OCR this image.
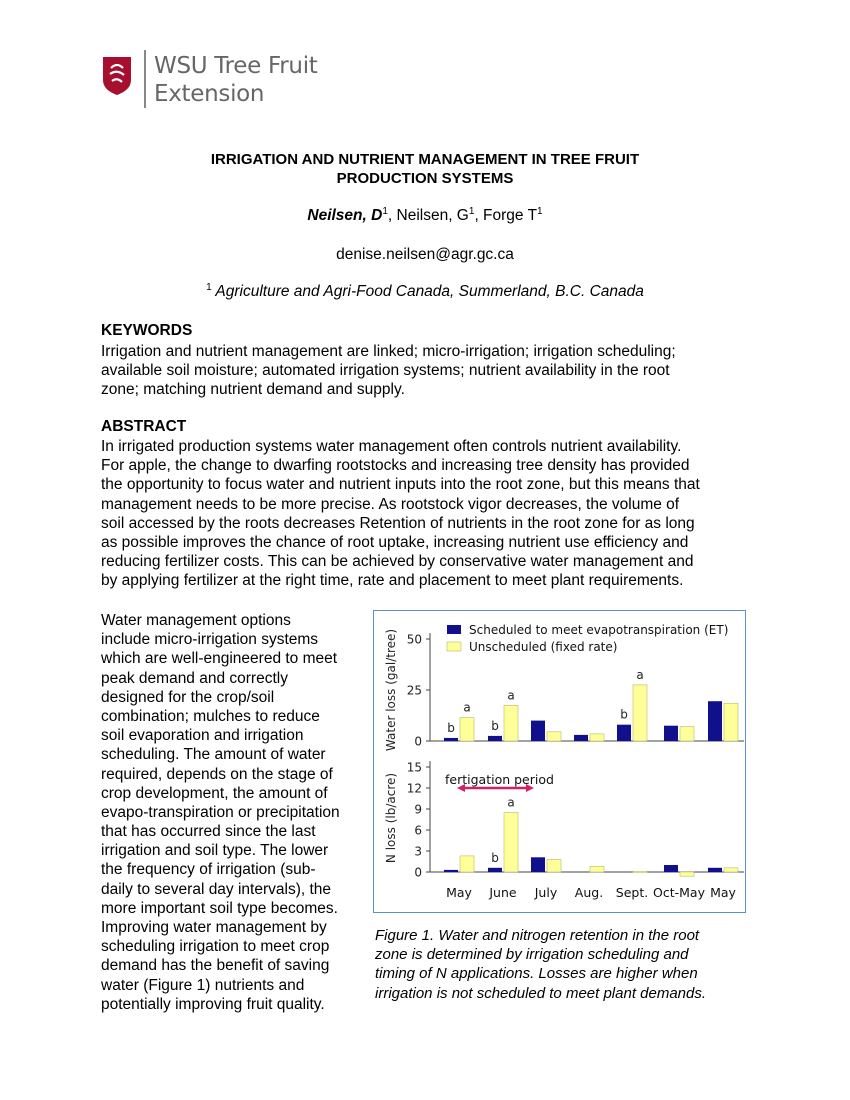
WSU Tree Fruit
Extension
IRRIGATION AND NUTRIENT MANAGEMENT IN TREE FRUIT
PRODUCTION SYSTEMS
Neilsen, $D^1$, Neilsen, $G^1$, Forge $T^1$
denise.neilsen@agr.gc.ca
$^1$ Agriculture and Agri-Food Canada, Summerland, B.C. Canada
KEYWORDS
Irrigation and nutrient management are linked; micro-irrigation; irrigation scheduling;
available soil moisture; automated irrigation systems; nutrient availability in the root
zone; matching nutrient demand and supply.
ABSTRACT
In irrigated production systems water management often controls nutrient availability.
For apple, the change to dwarfing rootstocks and increasing tree density has provided
the opportunity to focus water and nutrient inputs into the root zone, but this means that
management needs to be more precise. As rootstock vigor decreases, the volume of
soil accessed by the roots decreases Retention of nutrients in the root zone for as long
as possible improves the chance of root uptake, increasing nutrient use efficiency and
reducing fertilizer costs. This can be achieved by conservative water management and
by applying fertilizer at the right time, rate and placement to meet plant requirements.
Water management options
include micro-irrigation systems
which are well-engineered to meet
peak demand and correctly
designed for the crop/soil
combination; mulches to reduce
soil evaporation and irrigation
scheduling. The amount of water
required, depends on the stage of
crop development, the amount of
evapo-transpiration or precipitation
that has occurred since the last
irrigation and soil type. The lower
the frequency of irrigation (sub-
daily to several day intervals), the
more important soil type becomes.
Improving water management by
scheduling irrigation to meet crop
demand has the benefit of saving
water (Figure 1) nutrients and
potentially improving fruit quality.
0
25
50
Water loss (gal/tree)	b
a
b
a
b
a
Scheduled to meet evapotranspiration (ET)
Unscheduled (fixed rate)
0
3
6
9
12
15
N loss (lb/acre)	b
a
fertigation period
May June July Aug. Sept. Oct-May May
Figure 1. Water and nitrogen retention in the root
zone is determined by irrigation scheduling and
timing of N applications. Losses are higher when
irrigation is not scheduled to meet plant demands.
